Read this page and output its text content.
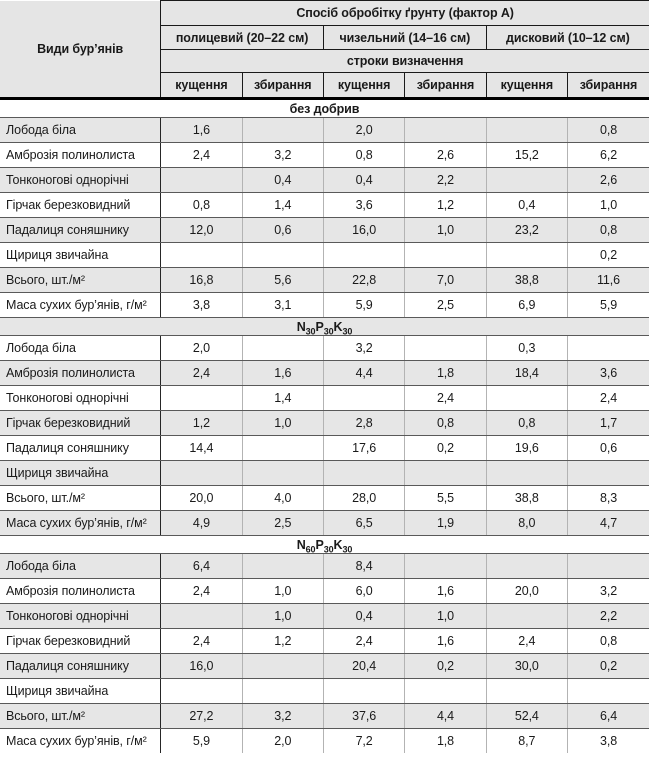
Види бур’янів	Спосіб обробітку ґрунту (фактор А)					
	полицевий (20–22 см)		чизельний (14–16 см)		дисковий (10–12 см)	
	строки визначення					
	кущення	збирання	кущення	збирання	кущення	збирання
без добрив						
Лобода біла	1,6		2,0			0,8
Амброзія полинолиста	2,4	3,2	0,8	2,6	15,2	6,2
Тонконогові однорічні		0,4	0,4	2,2		2,6
Гірчак березковидний	0,8	1,4	3,6	1,2	0,4	1,0
Падалиця соняшнику	12,0	0,6	16,0	1,0	23,2	0,8
Щириця звичайна						0,2
Всього, шт./м²	16,8	5,6	22,8	7,0	38,8	11,6
Маса сухих бур’янів, г/м²	3,8	3,1	5,9	2,5	6,9	5,9
$N_{30}P_{30}K_{30}$
Лобода біла	2,0		3,2		0,3	
Амброзія полинолиста	2,4	1,6	4,4	1,8	18,4	3,6
Тонконогові однорічні		1,4		2,4		2,4
Гірчак березковидний	1,2	1,0	2,8	0,8	0,8	1,7
Падалиця соняшнику	14,4		17,6	0,2	19,6	0,6
Щириця звичайна						
Всього, шт./м²	20,0	4,0	28,0	5,5	38,8	8,3
Маса сухих бур’янів, г/м²	4,9	2,5	6,5	1,9	8,0	4,7
$N_{60}P_{30}K_{30}$
Лобода біла	6,4		8,4			
Амброзія полинолиста	2,4	1,0	6,0	1,6	20,0	3,2
Тонконогові однорічні		1,0	0,4	1,0		2,2
Гірчак березковидний	2,4	1,2	2,4	1,6	2,4	0,8
Падалиця соняшнику	16,0		20,4	0,2	30,0	0,2
Щириця звичайна						
Всього, шт./м²	27,2	3,2	37,6	4,4	52,4	6,4
Маса сухих бур’янів, г/м²	5,9	2,0	7,2	1,8	8,7	3,8
